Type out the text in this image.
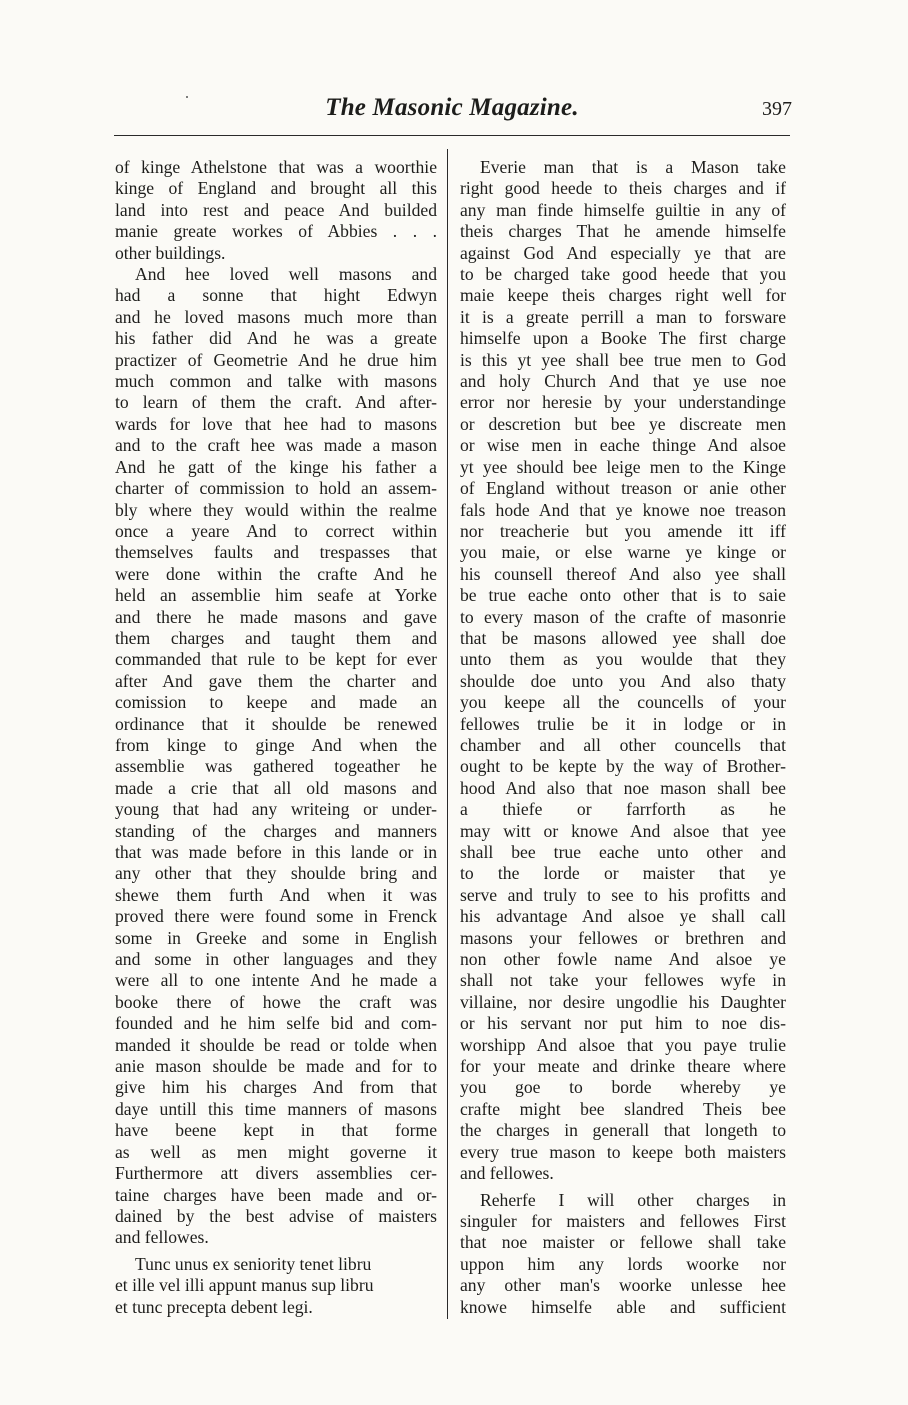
The Masonic Magazine.	397
of kinge Athelstone that was a woorthie
kinge of England and brought all this
land into rest and peace And builded
manie greate workes of Abbies . . .
other buildings.
And hee loved well masons and
had a sonne that hight Edwyn
and he loved masons much more than
his father did And he was a greate
practizer of Geometrie And he drue him
much common and talke with masons
to learn of them the craft. And after-
wards for love that hee had to masons
and to the craft hee was made a mason
And he gatt of the kinge his father a
charter of commission to hold an assem-
bly where they would within the realme
once a yeare And to correct within
themselves faults and trespasses that
were done within the crafte And he
held an assemblie him seafe at Yorke
and there he made masons and gave
them charges and taught them and
commanded that rule to be kept for ever
after And gave them the charter and
comission to keepe and made an
ordinance that it shoulde be renewed
from kinge to ginge And when the
assemblie was gathered togeather he
made a crie that all old masons and
young that had any writeing or under-
standing of the charges and manners
that was made before in this lande or in
any other that they shoulde bring and
shewe them furth And when it was
proved there were found some in Frenck
some in Greeke and some in English
and some in other languages and they
were all to one intente And he made a
booke there of howe the craft was
founded and he him selfe bid and com-
manded it shoulde be read or tolde when
anie mason shoulde be made and for to
give him his charges And from that
daye untill this time manners of masons
have beene kept in that forme
as well as men might governe it
Furthermore att divers assemblies cer-
taine charges have been made and or-
dained by the best advise of maisters
and fellowes.
Tunc unus ex seniority tenet libru
et ille vel illi appunt manus sup libru
et tunc precepta debent legi.
Everie man that is a Mason take
right good heede to theis charges and if
any man finde himselfe guiltie in any of
theis charges That he amende himselfe
against God And especially ye that are
to be charged take good heede that you
maie keepe theis charges right well for
it is a greate perrill a man to forsware
himselfe upon a Booke The first charge
is this yt yee shall bee true men to God
and holy Church And that ye use noe
error nor heresie by your understandinge
or descretion but bee ye discreate men
or wise men in eache thinge And alsoe
yt yee should bee leige men to the Kinge
of England without treason or anie other
fals hode And that ye knowe noe treason
nor treacherie but you amende itt iff
you maie, or else warne ye kinge or
his counsell thereof And also yee shall
be true eache onto other that is to saie
to every mason of the crafte of masonrie
that be masons allowed yee shall doe
unto them as you woulde that they
shoulde doe unto you And also thaty
you keepe all the councells of your
fellowes trulie be it in lodge or in
chamber and all other councells that
ought to be kepte by the way of Brother-
hood And also that noe mason shall bee
a thiefe or farrforth as he
may witt or knowe And alsoe that yee
shall bee true eache unto other and
to the lorde or maister that ye
serve and truly to see to his profitts and
his advantage And alsoe ye shall call
masons your fellowes or brethren and
non other fowle name And alsoe ye
shall not take your fellowes wyfe in
villaine, nor desire ungodlie his Daughter
or his servant nor put him to noe dis-
worshipp And alsoe that you paye trulie
for your meate and drinke theare where
you goe to borde whereby ye
crafte might bee slandred Theis bee
the charges in generall that longeth to
every true mason to keepe both maisters
and fellowes.
Reherfe I will other charges in
singuler for maisters and fellowes First
that noe maister or fellowe shall take
uppon him any lords woorke nor
any other man's woorke unlesse hee
knowe himselfe able and sufficient
